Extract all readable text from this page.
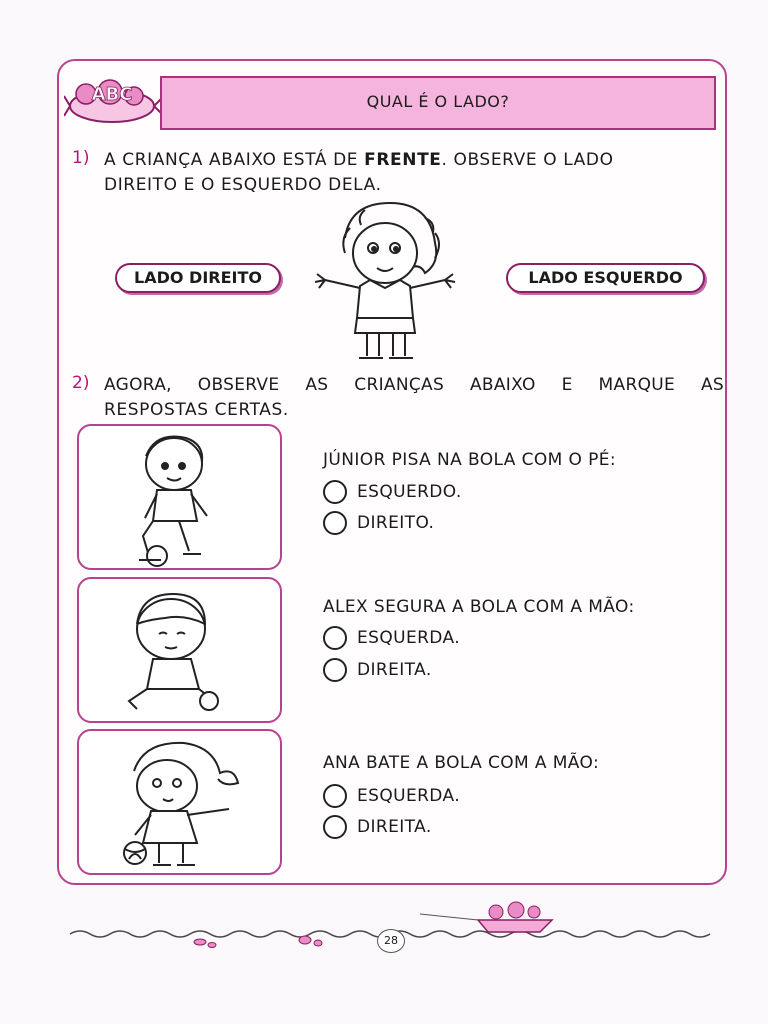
ABC	QUAL É O LADO?
1) A CRIANÇA ABAIXO ESTÁ DE FRENTE. OBSERVE O LADO
DIREITO E O ESQUERDO DELA.
LADO DIREITO	LADO ESQUERDO
2) AGORA, OBSERVE AS CRIANÇAS ABAIXO E MARQUE AS
RESPOSTAS CERTAS.
JÚNIOR PISA NA BOLA COM O PÉ:
ESQUERDO.
DIREITO.
ALEX SEGURA A BOLA COM A MÃO:
ESQUERDA.
DIREITA.
ANA BATE A BOLA COM A MÃO:
ESQUERDA.
DIREITA.
28
